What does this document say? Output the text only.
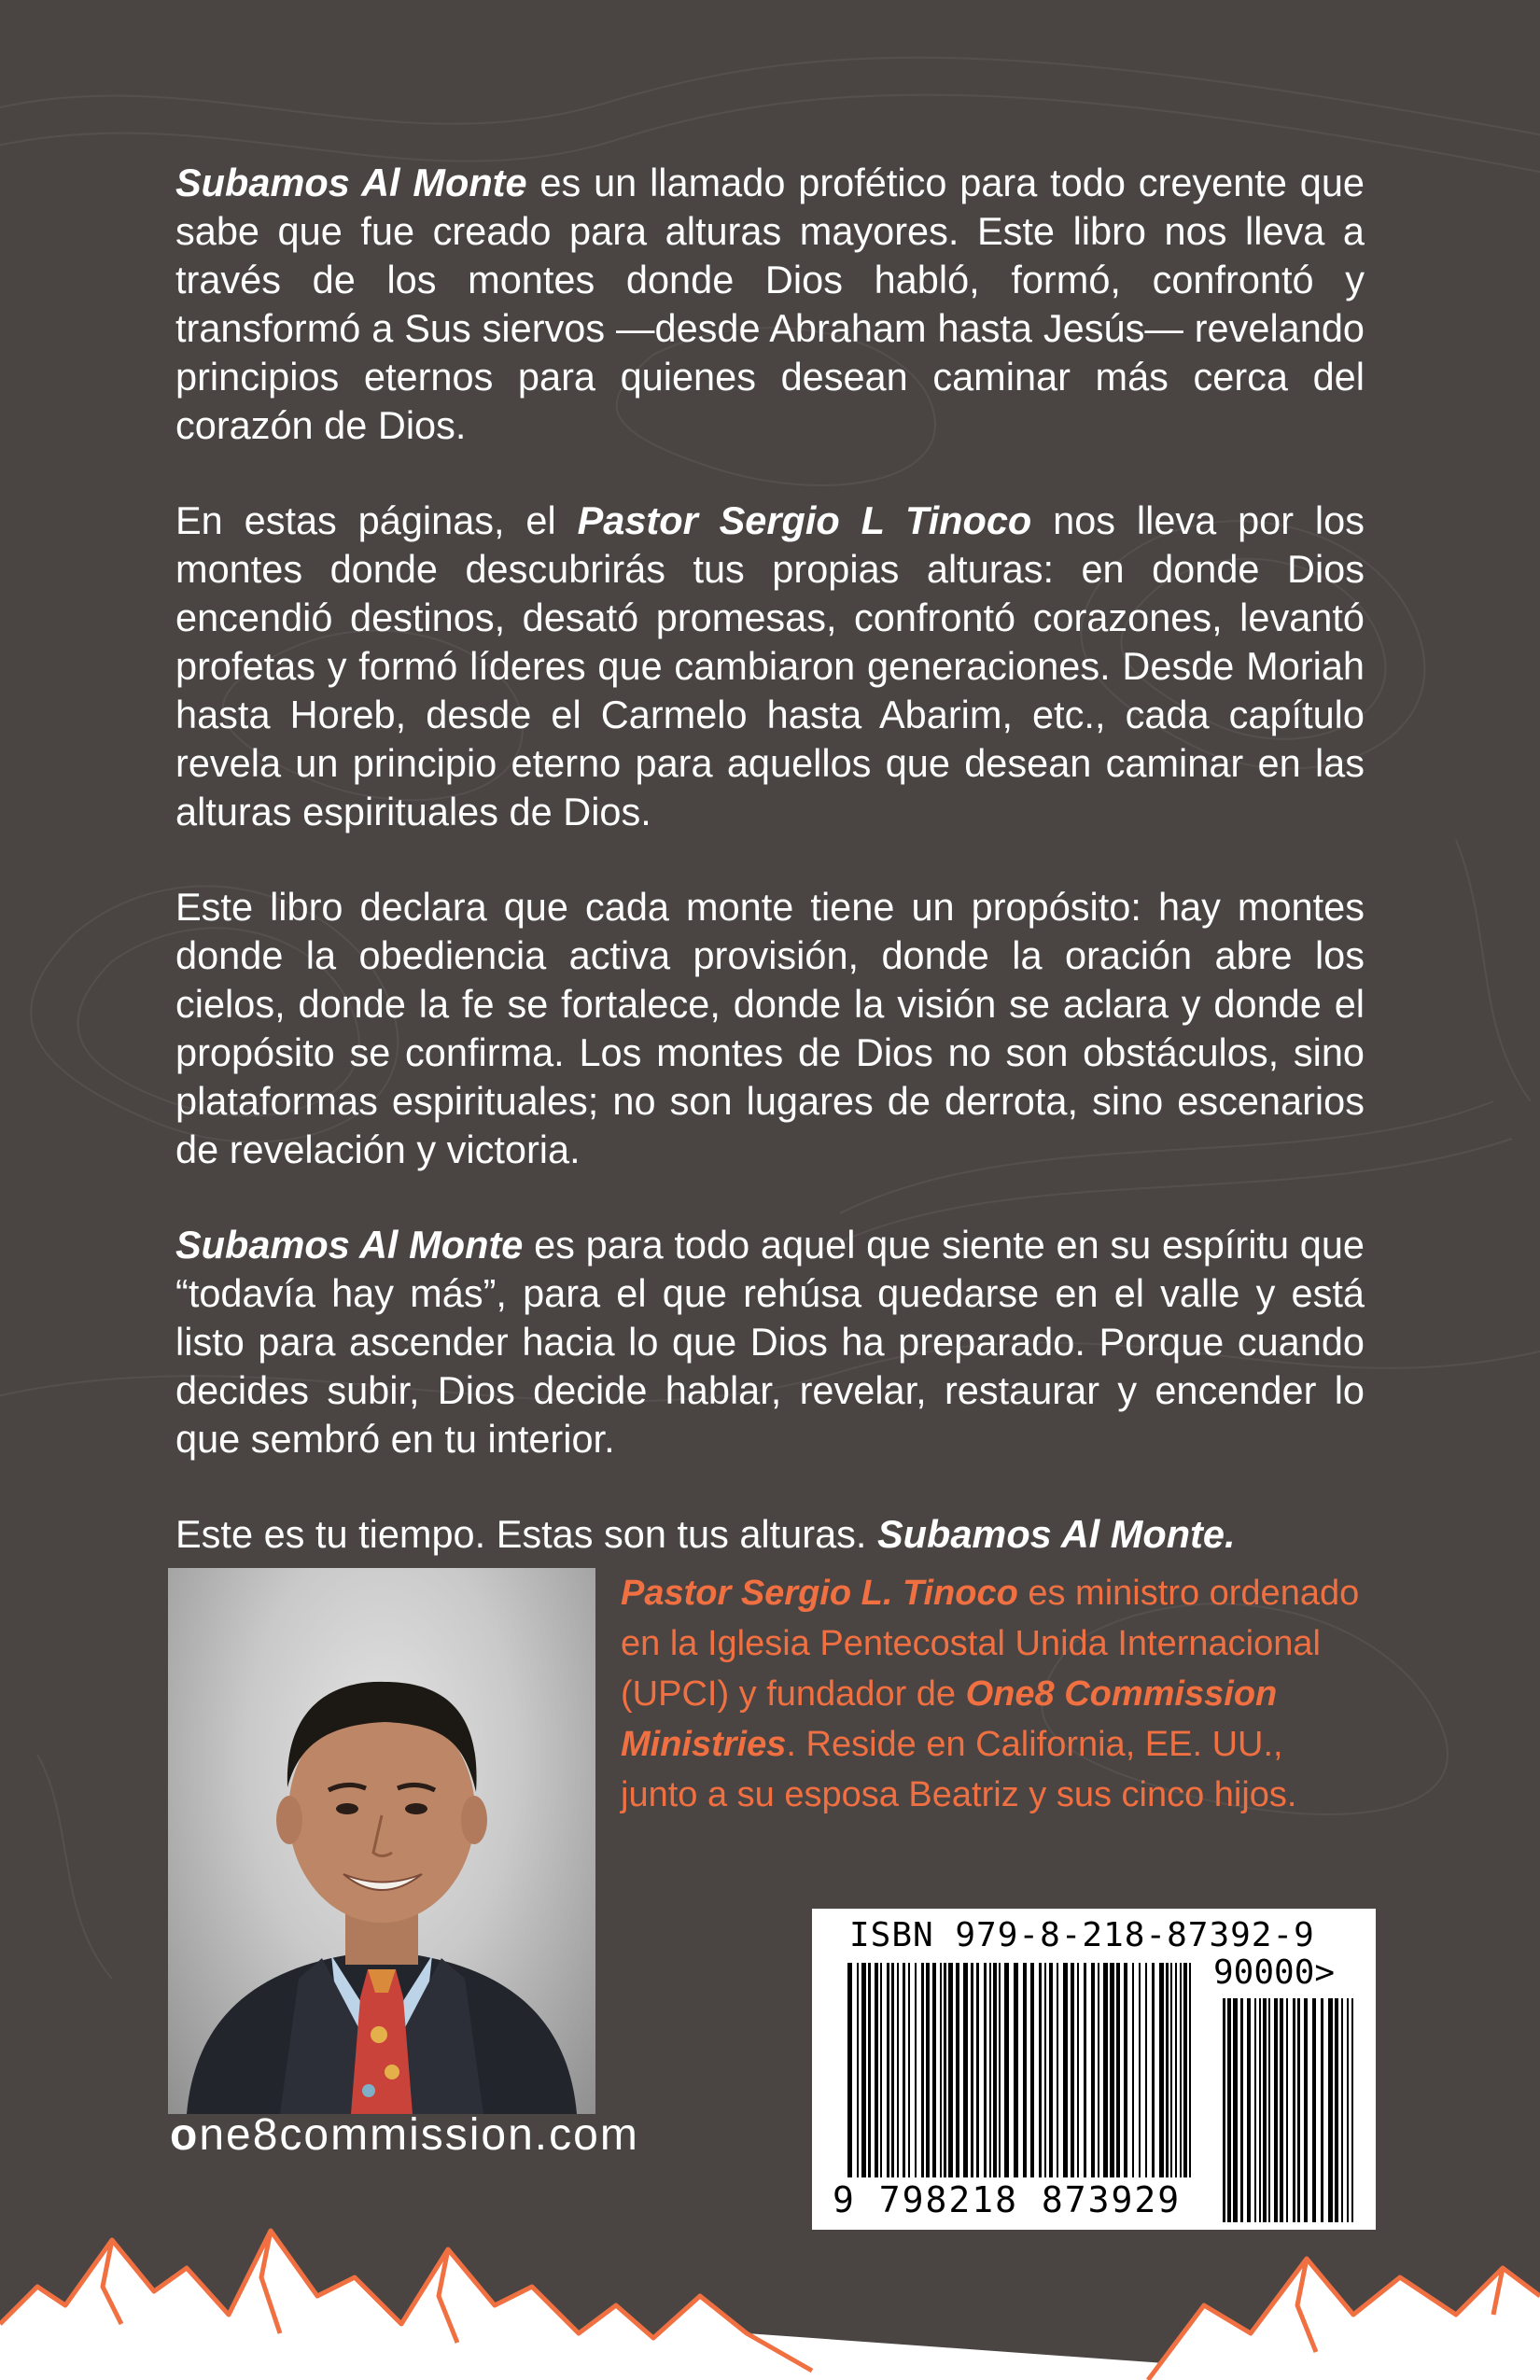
Subamos Al Monte es un llamado profético para todo creyente que sabe que fue creado para alturas mayores. Este libro nos lleva a través de los montes donde Dios habló, formó, confrontó y transformó a Sus siervos —desde Abraham hasta Jesús— revelando principios eternos para quienes desean caminar más cerca del corazón de Dios.

En estas páginas, el Pastor Sergio L Tinoco nos lleva por los montes donde descubrirás tus propias alturas: en donde Dios encendió destinos, desató promesas, confrontó corazones, levantó profetas y formó líderes que cambiaron generaciones. Desde Moriah hasta Horeb, desde el Carmelo hasta Abarim, etc., cada capítulo revela un principio eterno para aquellos que desean caminar en las alturas espirituales de Dios.

Este libro declara que cada monte tiene un propósito: hay montes donde la obediencia activa provisión, donde la oración abre los cielos, donde la fe se fortalece, donde la visión se aclara y donde el propósito se confirma. Los montes de Dios no son obstáculos, sino plataformas espirituales; no son lugares de derrota, sino escenarios de revelación y victoria.

Subamos Al Monte es para todo aquel que siente en su espíritu que “todavía hay más”, para el que rehúsa quedarse en el valle y está listo para ascender hacia lo que Dios ha preparado. Porque cuando decides subir, Dios decide hablar, revelar, restaurar y encender lo que sembró en tu interior.

Este es tu tiempo. Estas son tus alturas. Subamos Al Monte.

Pastor Sergio L. Tinoco es ministro ordenado en la Iglesia Pentecostal Unida Internacional (UPCI) y fundador de One8 Commission Ministries. Reside en California, EE. UU., junto a su esposa Beatriz y sus cinco hijos.
ISBN 979-8-218-87392-9
90000>
9 798218 873929
one8commission.com
